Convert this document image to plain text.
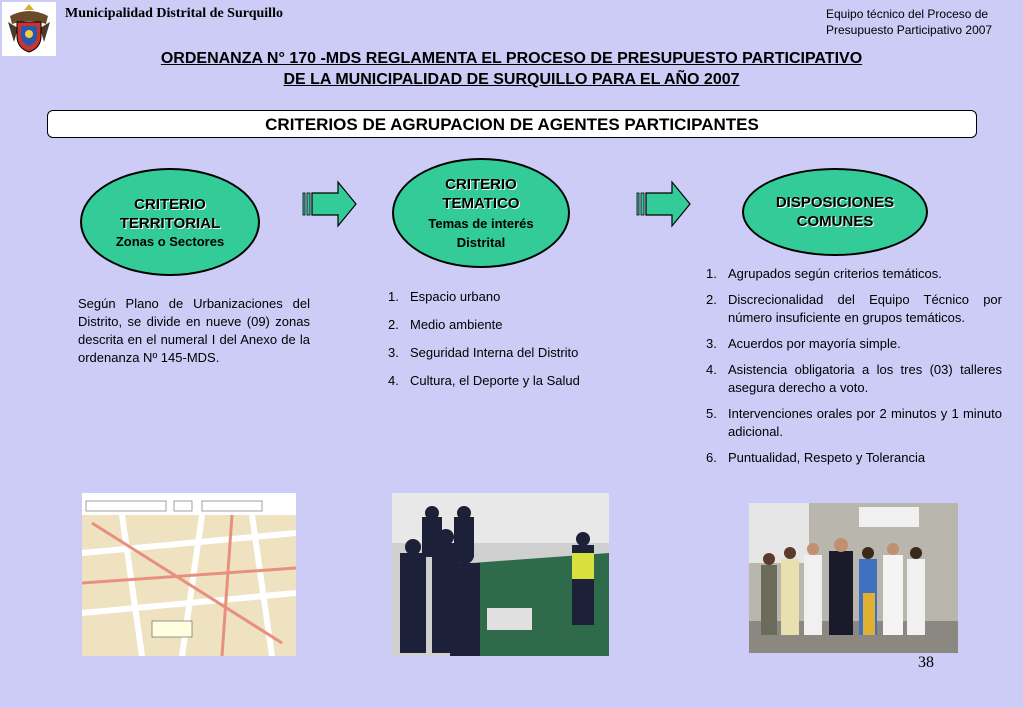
Municipalidad Distrital de Surquillo	Equipo técnico del Proceso de
Presupuesto Participativo 2007
ORDENANZA N° 170 -MDS REGLAMENTA EL PROCESO DE PRESUPUESTO PARTICIPATIVO
DE LA MUNICIPALIDAD DE SURQUILLO PARA EL AÑO 2007
CRITERIOS DE AGRUPACION DE AGENTES PARTICIPANTES
CRITERIO
TERRITORIAL
Zonas o Sectores
CRITERIO
TEMATICO
Temas de interés
Distrital
DISPOSICIONES
COMUNES
Según Plano de Urbanizaciones del Distrito, se divide en nueve (09) zonas descrita en el numeral I del Anexo de la ordenanza Nº 145-MDS.
1. Espacio urbano
2. Medio ambiente
3. Seguridad Interna del Distrito
4. Cultura, el Deporte y la Salud
1. Agrupados según criterios temáticos.
2. Discrecionalidad del Equipo Técnico por número insuficiente en grupos temáticos.
3. Acuerdos por mayoría simple.
4. Asistencia obligatoria a los tres (03) talleres asegura derecho a voto.
5. Intervenciones orales por 2 minutos y 1 minuto adicional.
6. Puntualidad, Respeto y Tolerancia
38
